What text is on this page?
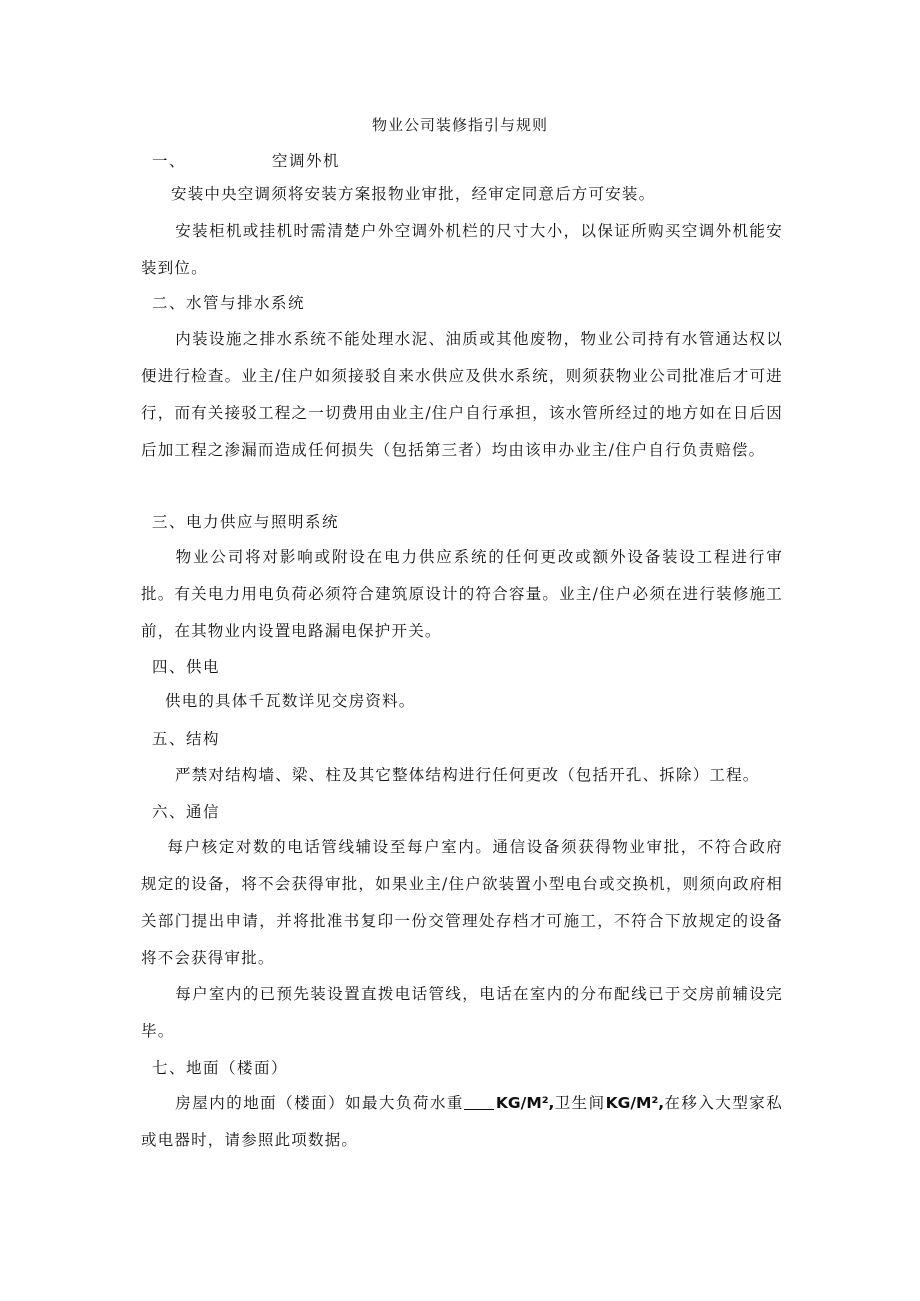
物业公司装修指引与规则
一、	空调外机
安装中央空调须将安装方案报物业审批，经审定同意后方可安装。
安装柜机或挂机时需清楚户外空调外机栏的尺寸大小，以保证所购买空调外机能安装到位。
二、水管与排水系统
内装设施之排水系统不能处理水泥、油质或其他废物，物业公司持有水管通达权以便进行检查。业主/住户如须接驳自来水供应及供水系统，则须获物业公司批准后才可进行，而有关接驳工程之一切费用由业主/住户自行承担，该水管所经过的地方如在日后因后加工程之渗漏而造成任何损失（包括第三者）均由该申办业主/住户自行负责赔偿。
三、电力供应与照明系统
物业公司将对影响或附设在电力供应系统的任何更改或额外设备装设工程进行审批。有关电力用电负荷必须符合建筑原设计的符合容量。业主/住户必须在进行装修施工前，在其物业内设置电路漏电保护开关。
四、供电
供电的具体千瓦数详见交房资料。
五、结构
严禁对结构墙、梁、柱及其它整体结构进行任何更改（包括开孔、拆除）工程。
六、通信
每户核定对数的电话管线辅设至每户室内。通信设备须获得物业审批，不符合政府规定的设备，将不会获得审批，如果业主/住户欲装置小型电台或交换机，则须向政府相关部门提出申请，并将批准书复印一份交管理处存档才可施工，不符合下放规定的设备将不会获得审批。
每户室内的已预先装设置直拨电话管线，电话在室内的分布配线已于交房前辅设完毕。
七、地面（楼面）
房屋内的地面（楼面）如最大负荷水重 KG/M²,卫生间KG/M²,在移入大型家私或电器时，请参照此项数据。
